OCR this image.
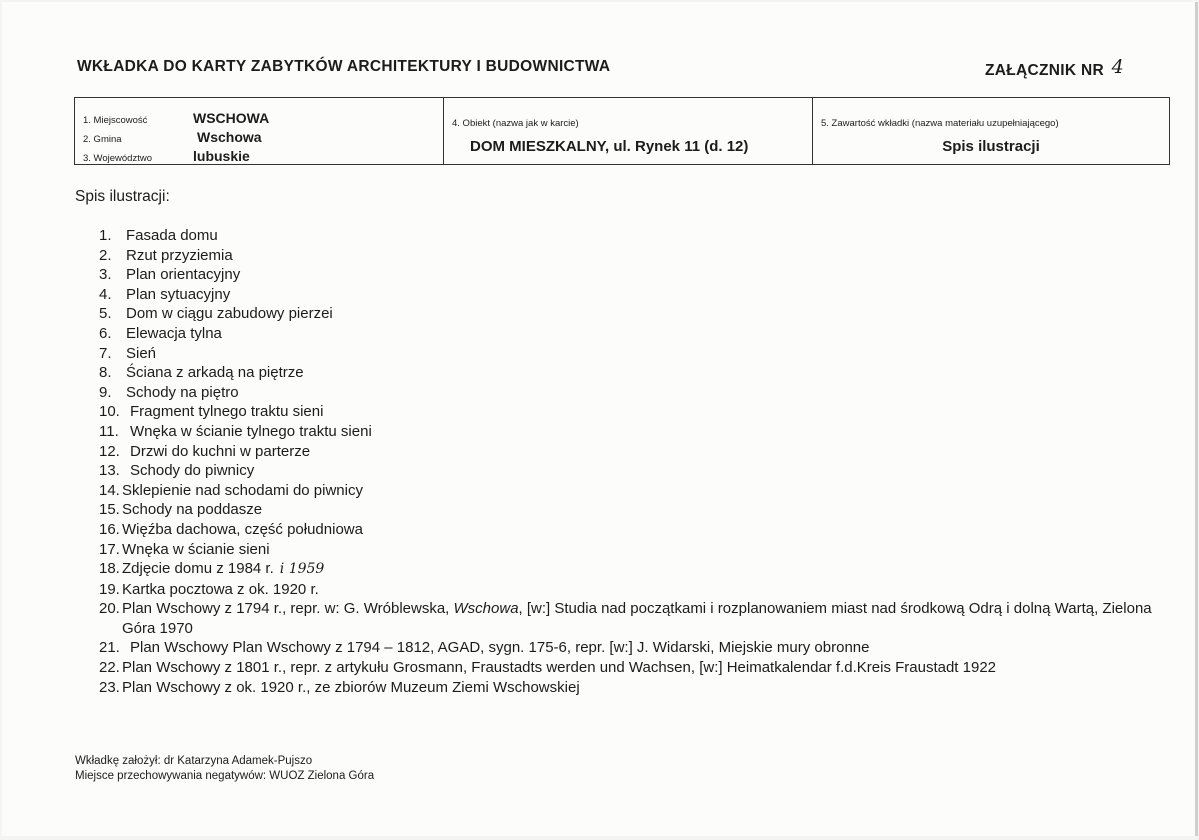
WKŁADKA DO KARTY ZABYTKÓW ARCHITEKTURY I BUDOWNICTWA	ZAŁĄCZNIK NR 4
1. Miejscowość	WSCHOWA
2. Gmina	Wschowa
3. Województwo	lubuskie
4. Obiekt (nazwa jak w karcie)
DOM MIESZKALNY, ul. Rynek 11 (d. 12)
5. Zawartość wkładki (nazwa materiału uzupełniającego)
Spis ilustracji
Spis ilustracji:
1. Fasada domu
2. Rzut przyziemia
3. Plan orientacyjny
4. Plan sytuacyjny
5. Dom w ciągu zabudowy pierzei
6. Elewacja tylna
7. Sień
8. Ściana z arkadą na piętrze
9. Schody na piętro
10. Fragment tylnego traktu sieni
11. Wnęka w ścianie tylnego traktu sieni
12. Drzwi do kuchni w parterze
13. Schody do piwnicy
14. Sklepienie nad schodami do piwnicy
15. Schody na poddasze
16. Więźba dachowa, część południowa
17. Wnęka w ścianie sieni
18. Zdjęcie domu z 1984 r. i 1959
19. Kartka pocztowa z ok. 1920 r.
20. Plan Wschowy z 1794 r., repr. w: G. Wróblewska, Wschowa, [w:] Studia nad początkami i rozplanowaniem miast nad środkową Odrą i dolną Wartą, Zielona Góra 1970
21. Plan Wschowy Plan Wschowy z 1794 – 1812, AGAD, sygn. 175-6, repr. [w:] J. Widarski, Miejskie mury obronne
22. Plan Wschowy z 1801 r., repr. z artykułu Grosmann, Fraustadts werden und Wachsen, [w:] Heimatkalendar f.d.Kreis Fraustadt 1922
23. Plan Wschowy z ok. 1920 r., ze zbiorów Muzeum Ziemi Wschowskiej
Wkładkę założył: dr Katarzyna Adamek-Pujszo
Miejsce przechowywania negatywów: WUOZ Zielona Góra
